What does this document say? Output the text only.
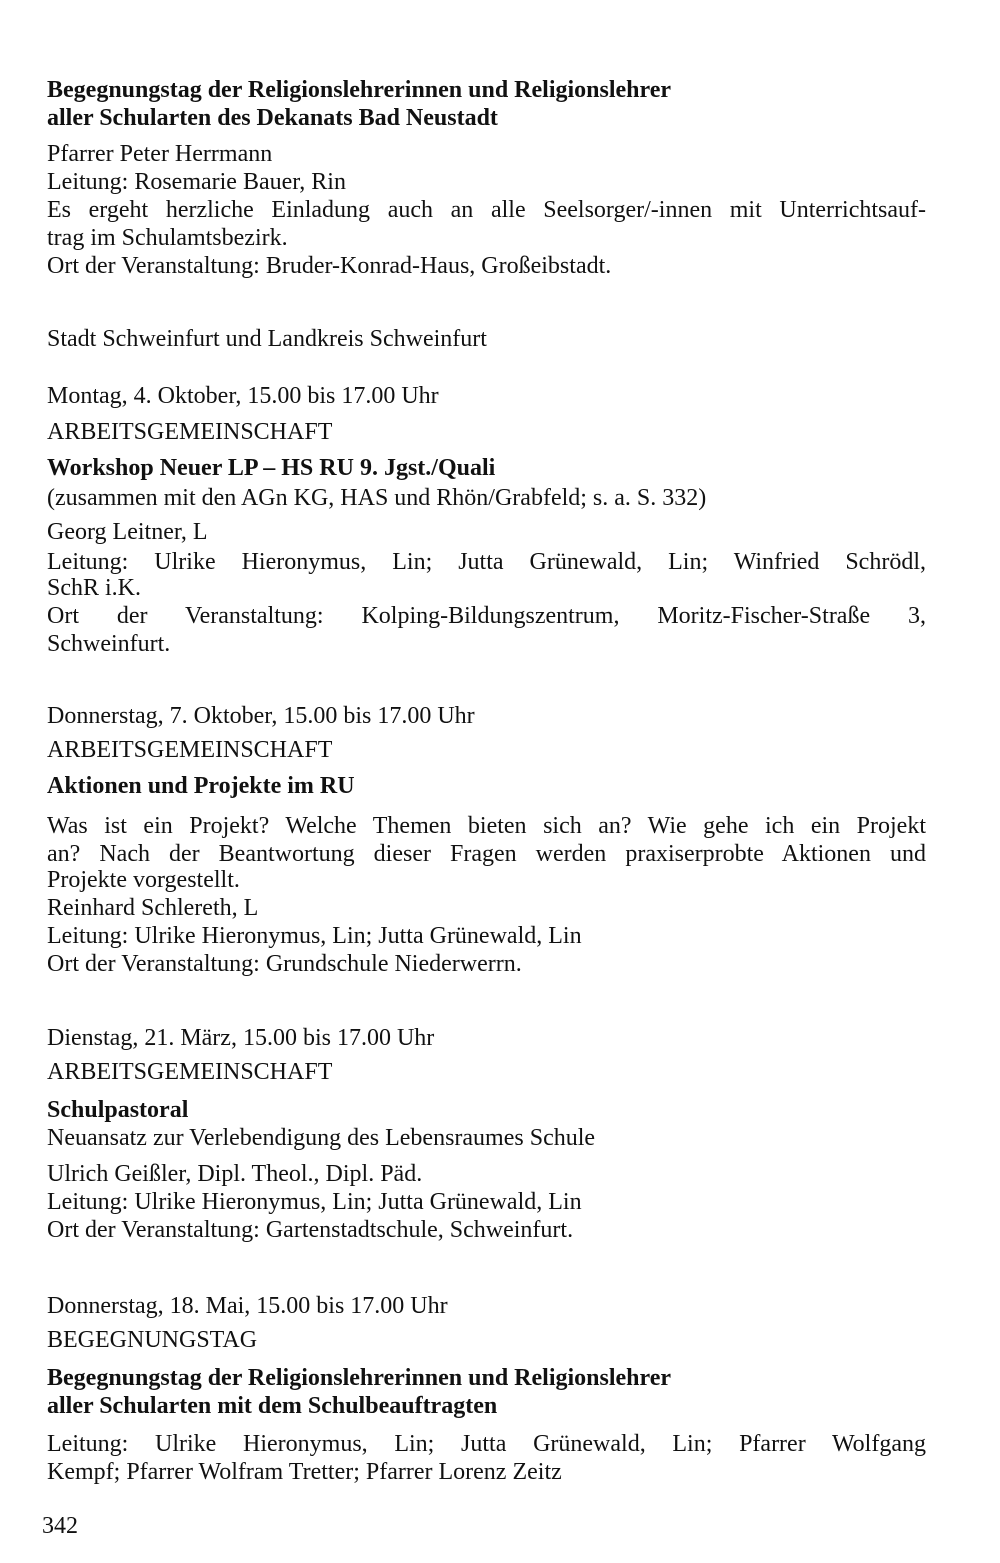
Begegnungstag der Religionslehrerinnen und Religionslehrer
aller Schularten des Dekanats Bad Neustadt
Pfarrer Peter Herrmann
Leitung: Rosemarie Bauer, Rin
Es ergeht herzliche Einladung auch an alle Seelsorger/-innen mit Unterrichtsauf-
trag im Schulamtsbezirk.
Ort der Veranstaltung: Bruder-Konrad-Haus, Großeibstadt.
Stadt Schweinfurt und Landkreis Schweinfurt
Montag, 4. Oktober, 15.00 bis 17.00 Uhr
ARBEITSGEMEINSCHAFT
Workshop Neuer LP – HS RU 9. Jgst./Quali
(zusammen mit den AGn KG, HAS und Rhön/Grabfeld; s. a. S. 332)
Georg Leitner, L
Leitung: Ulrike Hieronymus, Lin; Jutta Grünewald, Lin; Winfried Schrödl,
SchR i.K.
Ort der Veranstaltung: Kolping-Bildungszentrum, Moritz-Fischer-Straße 3,
Schweinfurt.
Donnerstag, 7. Oktober, 15.00 bis 17.00 Uhr
ARBEITSGEMEINSCHAFT
Aktionen und Projekte im RU
Was ist ein Projekt? Welche Themen bieten sich an? Wie gehe ich ein Projekt
an? Nach der Beantwortung dieser Fragen werden praxiserprobte Aktionen und
Projekte vorgestellt.
Reinhard Schlereth, L
Leitung: Ulrike Hieronymus, Lin; Jutta Grünewald, Lin
Ort der Veranstaltung: Grundschule Niederwerrn.
Dienstag, 21. März, 15.00 bis 17.00 Uhr
ARBEITSGEMEINSCHAFT
Schulpastoral
Neuansatz zur Verlebendigung des Lebensraumes Schule
Ulrich Geißler, Dipl. Theol., Dipl. Päd.
Leitung: Ulrike Hieronymus, Lin; Jutta Grünewald, Lin
Ort der Veranstaltung: Gartenstadtschule, Schweinfurt.
Donnerstag, 18. Mai, 15.00 bis 17.00 Uhr
BEGEGNUNGSTAG
Begegnungstag der Religionslehrerinnen und Religionslehrer
aller Schularten mit dem Schulbeauftragten
Leitung: Ulrike Hieronymus, Lin; Jutta Grünewald, Lin; Pfarrer Wolfgang
Kempf; Pfarrer Wolfram Tretter; Pfarrer Lorenz Zeitz
342
